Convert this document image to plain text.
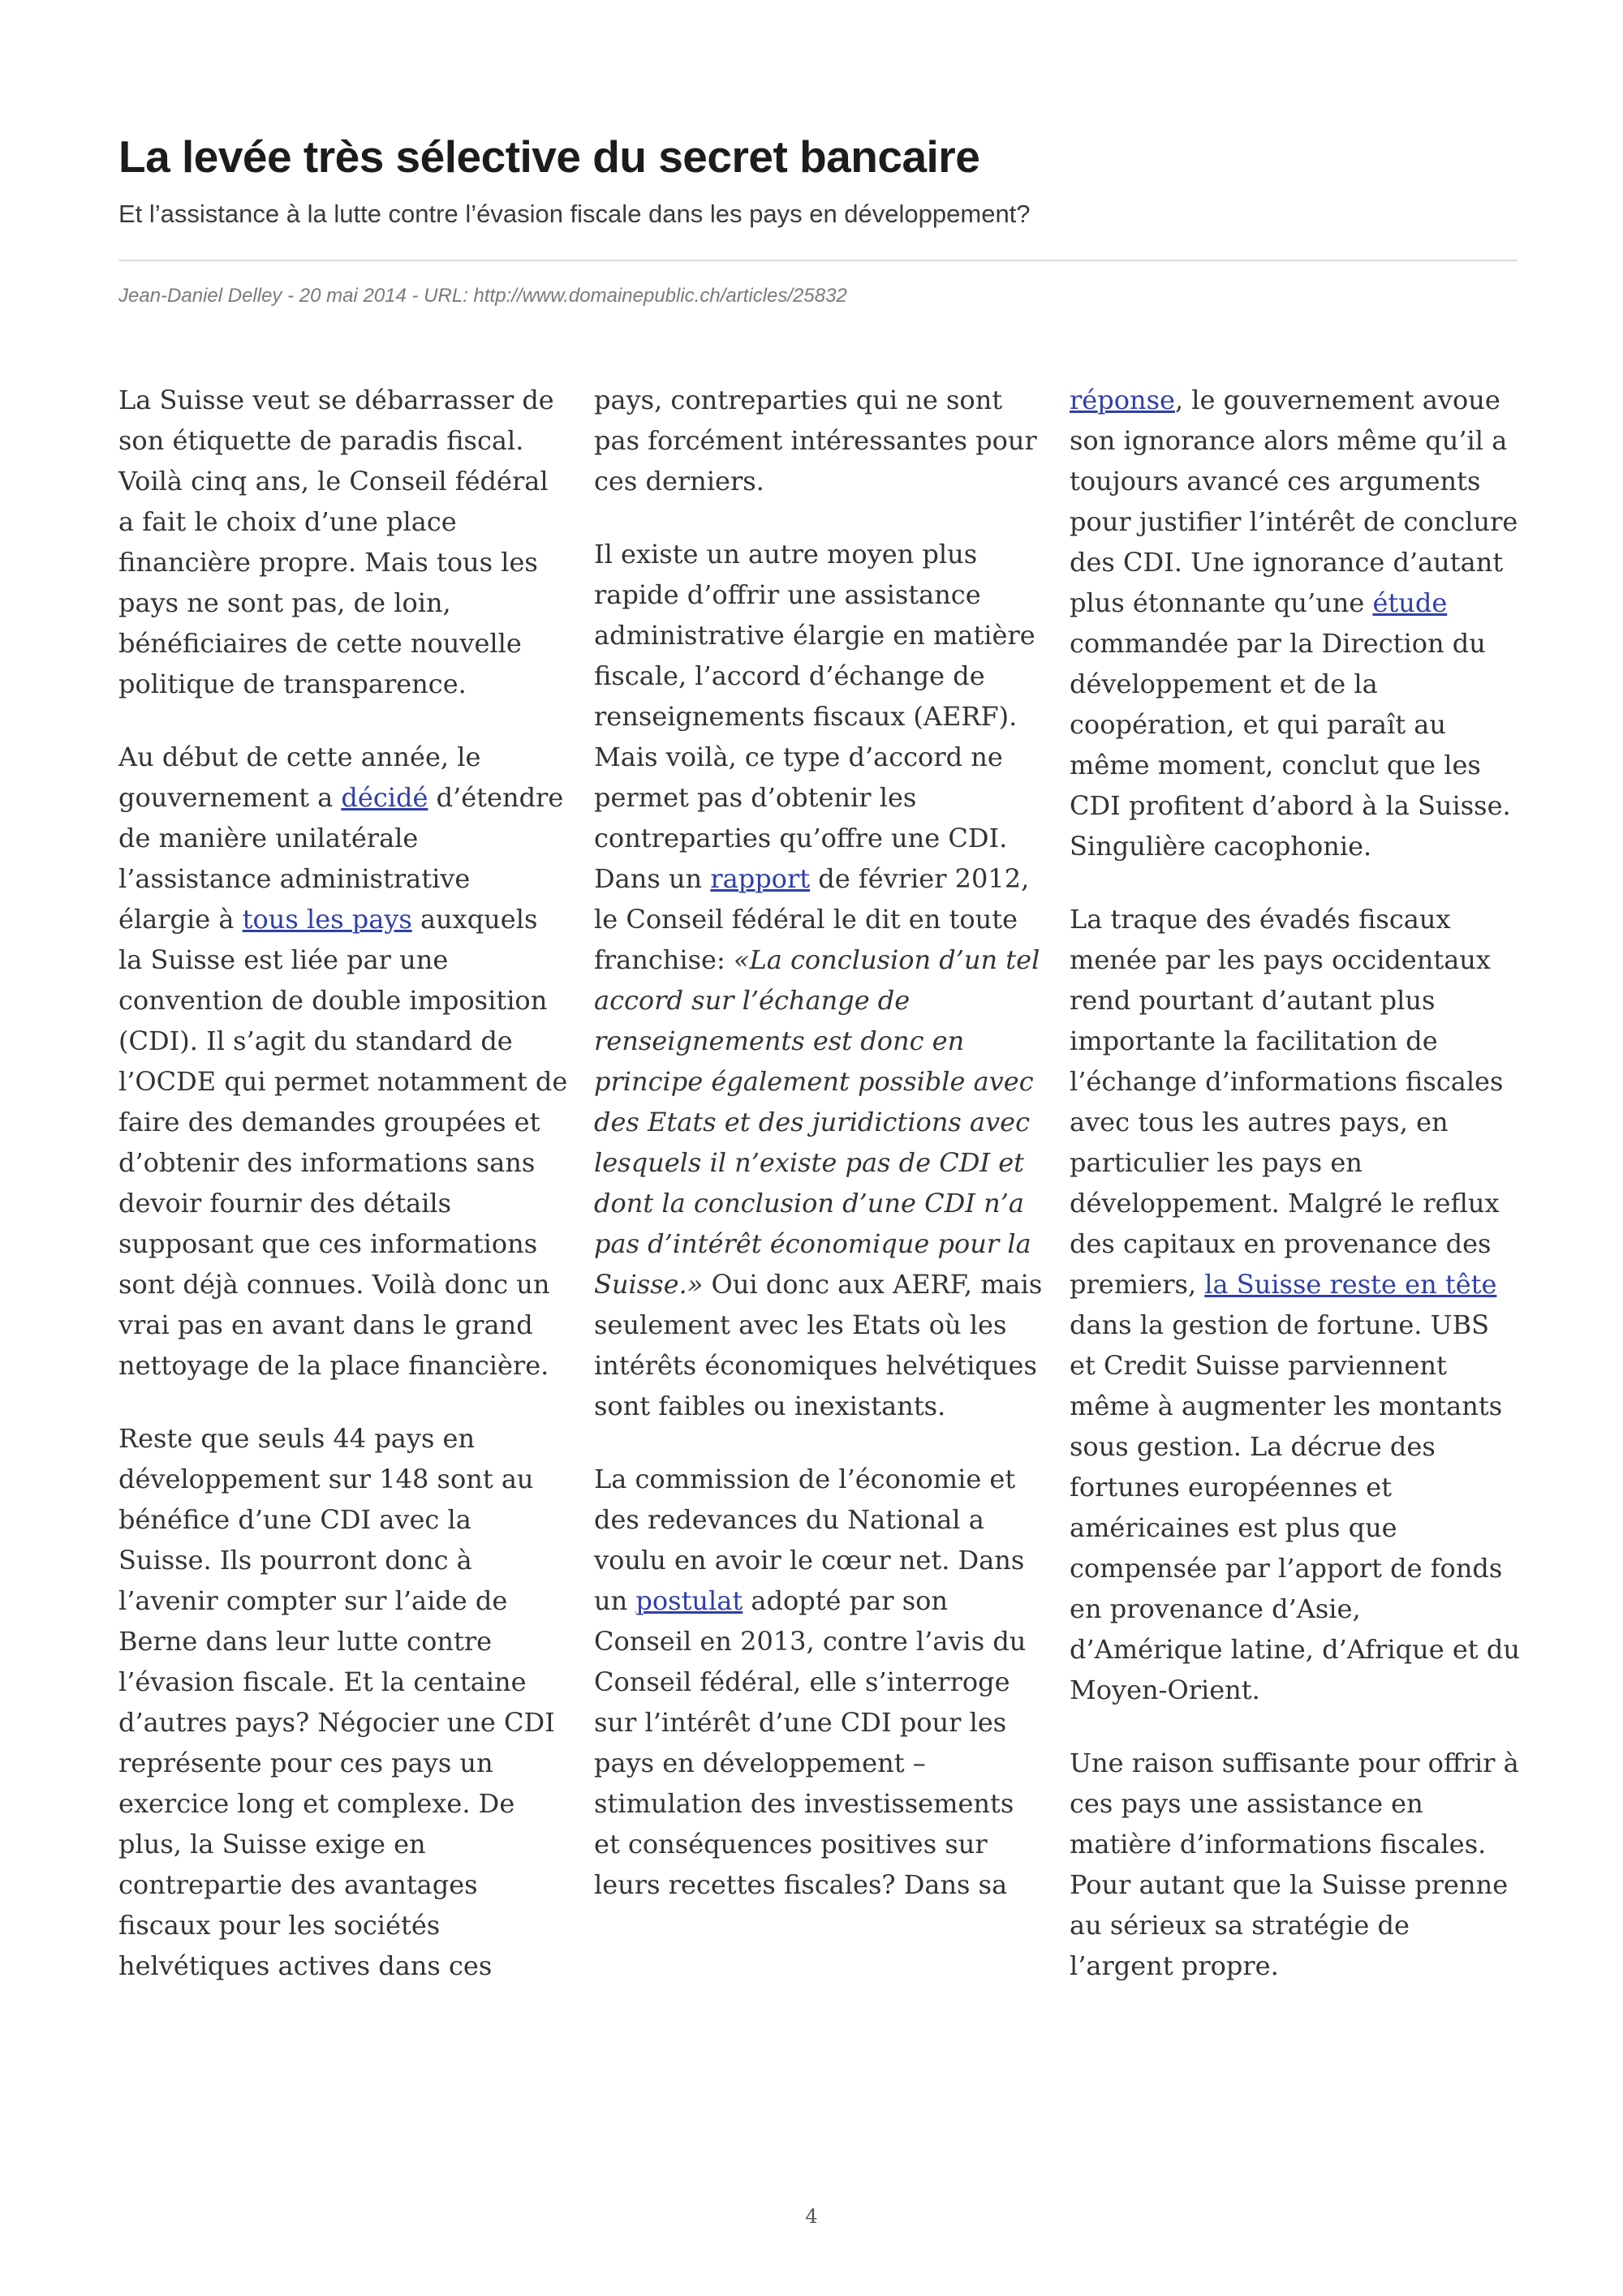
La levée très sélective du secret bancaire
Et l’assistance à la lutte contre l’évasion fiscale dans les pays en développement?
Jean-Daniel Delley - 20 mai 2014 - URL: http://www.domainepublic.ch/articles/25832

La Suisse veut se débarrasser de son étiquette de paradis fiscal. Voilà cinq ans, le Conseil fédéral a fait le choix d’une place financière propre. Mais tous les pays ne sont pas, de loin, bénéficiaires de cette nouvelle politique de transparence.

Au début de cette année, le gouvernement a décidé d’étendre de manière unilatérale l’assistance administrative élargie à tous les pays auxquels la Suisse est liée par une convention de double imposition (CDI). Il s’agit du standard de l’OCDE qui permet notamment de faire des demandes groupées et d’obtenir des informations sans devoir fournir des détails supposant que ces informations sont déjà connues. Voilà donc un vrai pas en avant dans le grand nettoyage de la place financière.

Reste que seuls 44 pays en développement sur 148 sont au bénéfice d’une CDI avec la Suisse. Ils pourront donc à l’avenir compter sur l’aide de Berne dans leur lutte contre l’évasion fiscale. Et la centaine d’autres pays? Négocier une CDI représente pour ces pays un exercice long et complexe. De plus, la Suisse exige en contrepartie des avantages fiscaux pour les sociétés helvétiques actives dans ces

pays, contreparties qui ne sont pas forcément intéressantes pour ces derniers.

Il existe un autre moyen plus rapide d’offrir une assistance administrative élargie en matière fiscale, l’accord d’échange de renseignements fiscaux (AERF). Mais voilà, ce type d’accord ne permet pas d’obtenir les contreparties qu’offre une CDI. Dans un rapport de février 2012, le Conseil fédéral le dit en toute franchise: «La conclusion d’un tel accord sur l’échange de renseignements est donc en principe également possible avec des Etats et des juridictions avec lesquels il n’existe pas de CDI et dont la conclusion d’une CDI n’a pas d’intérêt économique pour la Suisse.» Oui donc aux AERF, mais seulement avec les Etats où les intérêts économiques helvétiques sont faibles ou inexistants.

La commission de l’économie et des redevances du National a voulu en avoir le cœur net. Dans un postulat adopté par son Conseil en 2013, contre l’avis du Conseil fédéral, elle s’interroge sur l’intérêt d’une CDI pour les pays en développement – stimulation des investissements et conséquences positives sur leurs recettes fiscales? Dans sa

réponse, le gouvernement avoue son ignorance alors même qu’il a toujours avancé ces arguments pour justifier l’intérêt de conclure des CDI. Une ignorance d’autant plus étonnante qu’une étude commandée par la Direction du développement et de la coopération, et qui paraît au même moment, conclut que les CDI profitent d’abord à la Suisse. Singulière cacophonie.

La traque des évadés fiscaux menée par les pays occidentaux rend pourtant d’autant plus importante la facilitation de l’échange d’informations fiscales avec tous les autres pays, en particulier les pays en développement. Malgré le reflux des capitaux en provenance des premiers, la Suisse reste en tête dans la gestion de fortune. UBS et Credit Suisse parviennent même à augmenter les montants sous gestion. La décrue des fortunes européennes et américaines est plus que compensée par l’apport de fonds en provenance d’Asie, d’Amérique latine, d’Afrique et du Moyen-Orient.

Une raison suffisante pour offrir à ces pays une assistance en matière d’informations fiscales. Pour autant que la Suisse prenne au sérieux sa stratégie de l’argent propre.

4
